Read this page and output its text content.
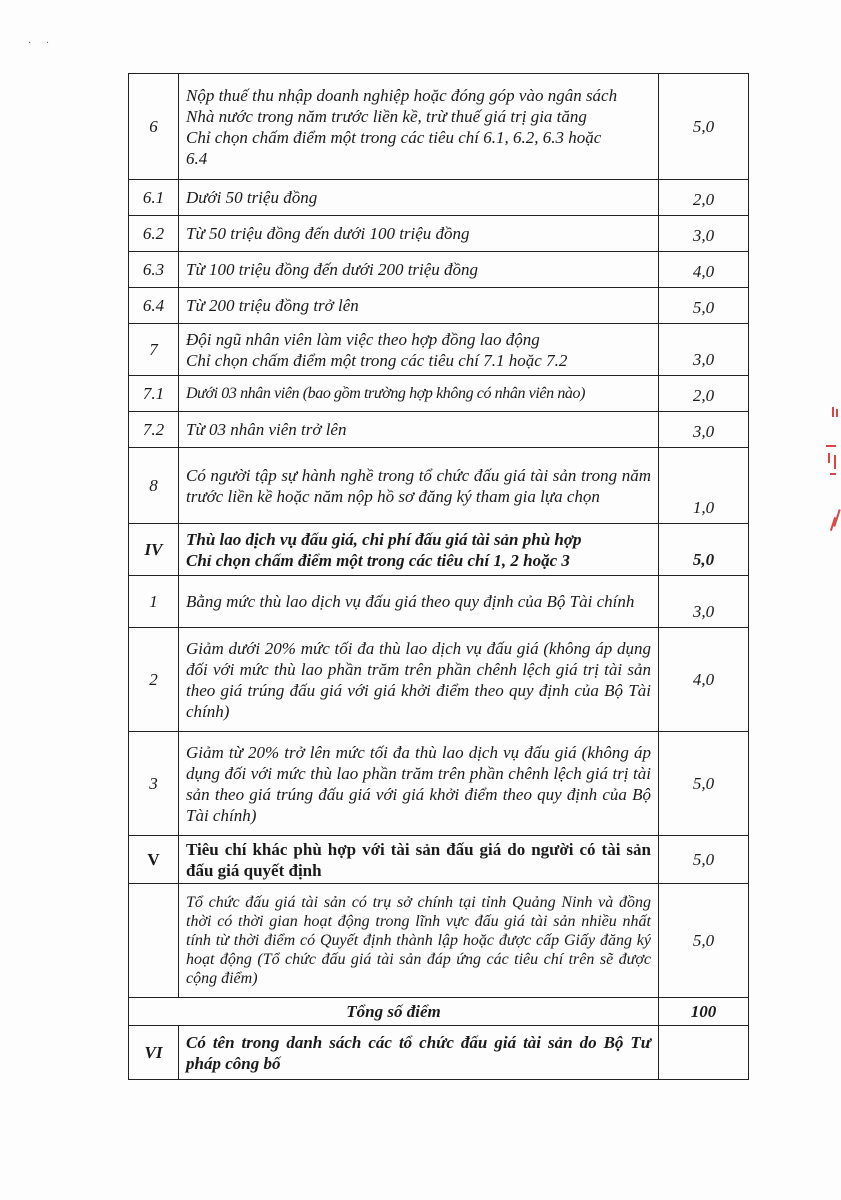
· ·
6	Nộp thuế thu nhập doanh nghiệp hoặc đóng góp vào ngân sách
Nhà nước trong năm trước liền kề, trừ thuế giá trị gia tăng
Chỉ chọn chấm điểm một trong các tiêu chí 6.1, 6.2, 6.3 hoặc
6.4	5,0
6.1	Dưới 50 triệu đồng	2,0
6.2	Từ 50 triệu đồng đến dưới 100 triệu đồng	3,0
6.3	Từ 100 triệu đồng đến dưới 200 triệu đồng	4,0
6.4	Từ 200 triệu đồng trở lên	5,0
7	Đội ngũ nhân viên làm việc theo hợp đồng lao động
Chỉ chọn chấm điểm một trong các tiêu chí 7.1 hoặc 7.2	3,0
7.1	Dưới 03 nhân viên (bao gồm trường hợp không có nhân viên nào)	2,0
7.2	Từ 03 nhân viên trở lên	3,0
8	Có người tập sự hành nghề trong tổ chức đấu giá tài sản trong năm trước liền kề hoặc năm nộp hồ sơ đăng ký tham gia lựa chọn	1,0
IV	Thù lao dịch vụ đấu giá, chi phí đấu giá tài sản phù hợp
Chỉ chọn chấm điểm một trong các tiêu chí 1, 2 hoặc 3	5,0
1	Bằng mức thù lao dịch vụ đấu giá theo quy định của Bộ Tài chính	3,0
2	Giảm dưới 20% mức tối đa thù lao dịch vụ đấu giá (không áp dụng đối với mức thù lao phần trăm trên phần chênh lệch giá trị tài sản theo giá trúng đấu giá với giá khởi điểm theo quy định của Bộ Tài chính)	4,0
3	Giảm từ 20% trở lên mức tối đa thù lao dịch vụ đấu giá (không áp dụng đối với mức thù lao phần trăm trên phần chênh lệch giá trị tài sản theo giá trúng đấu giá với giá khởi điểm theo quy định của Bộ Tài chính)	5,0
V	Tiêu chí khác phù hợp với tài sản đấu giá do người có tài sản đấu giá quyết định	5,0
	Tổ chức đấu giá tài sản có trụ sở chính tại tỉnh Quảng Ninh và đồng thời có thời gian hoạt động trong lĩnh vực đấu giá tài sản nhiều nhất tính từ thời điểm có Quyết định thành lập hoặc được cấp Giấy đăng ký hoạt động (Tổ chức đấu giá tài sản đáp ứng các tiêu chí trên sẽ được cộng điểm)	5,0
Tổng số điểm		100
VI	Có tên trong danh sách các tổ chức đấu giá tài sản do Bộ Tư pháp công bố	
